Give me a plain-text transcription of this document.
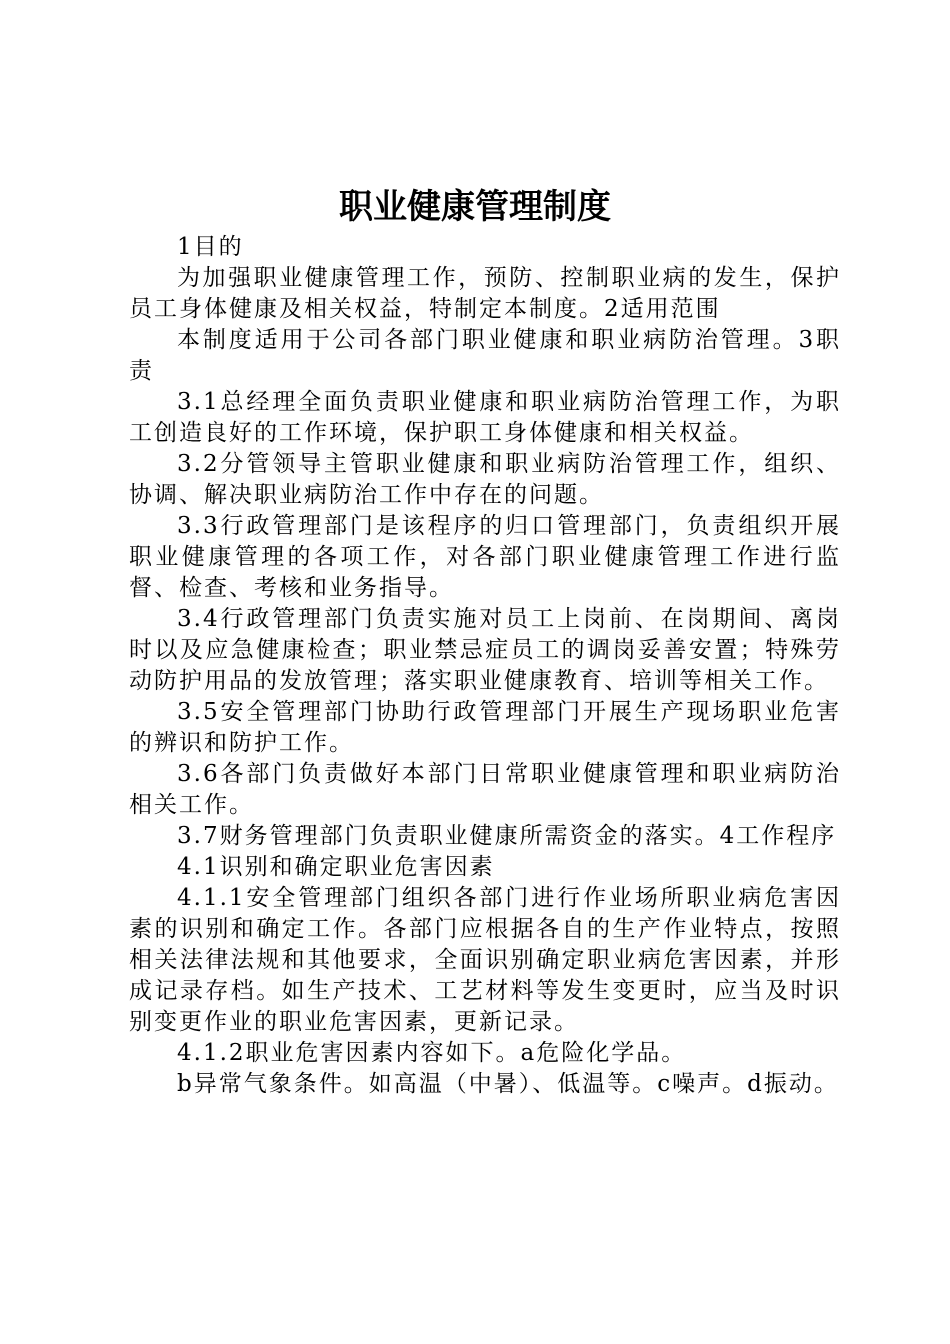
职业健康管理制度

1目的

为加强职业健康管理工作，预防、控制职业病的发生，保护员工身体健康及相关权益，特制定本制度。2适用范围

本制度适用于公司各部门职业健康和职业病防治管理。3职责

3.1总经理全面负责职业健康和职业病防治管理工作，为职工创造良好的工作环境，保护职工身体健康和相关权益。

3.2分管领导主管职业健康和职业病防治管理工作，组织、协调、解决职业病防治工作中存在的问题。

3.3行政管理部门是该程序的归口管理部门，负责组织开展职业健康管理的各项工作，对各部门职业健康管理工作进行监督、检查、考核和业务指导。

3.4行政管理部门负责实施对员工上岗前、在岗期间、离岗时以及应急健康检查；职业禁忌症员工的调岗妥善安置；特殊劳动防护用品的发放管理；落实职业健康教育、培训等相关工作。

3.5安全管理部门协助行政管理部门开展生产现场职业危害的辨识和防护工作。

3.6各部门负责做好本部门日常职业健康管理和职业病防治相关工作。

3.7财务管理部门负责职业健康所需资金的落实。4工作程序

4.1识别和确定职业危害因素

4.1.1安全管理部门组织各部门进行作业场所职业病危害因素的识别和确定工作。各部门应根据各自的生产作业特点，按照相关法律法规和其他要求，全面识别确定职业病危害因素，并形成记录存档。如生产技术、工艺材料等发生变更时，应当及时识别变更作业的职业危害因素，更新记录。

4.1.2职业危害因素内容如下。a危险化学品。

b异常气象条件。如高温（中暑）、低温等。c噪声。d振动。
